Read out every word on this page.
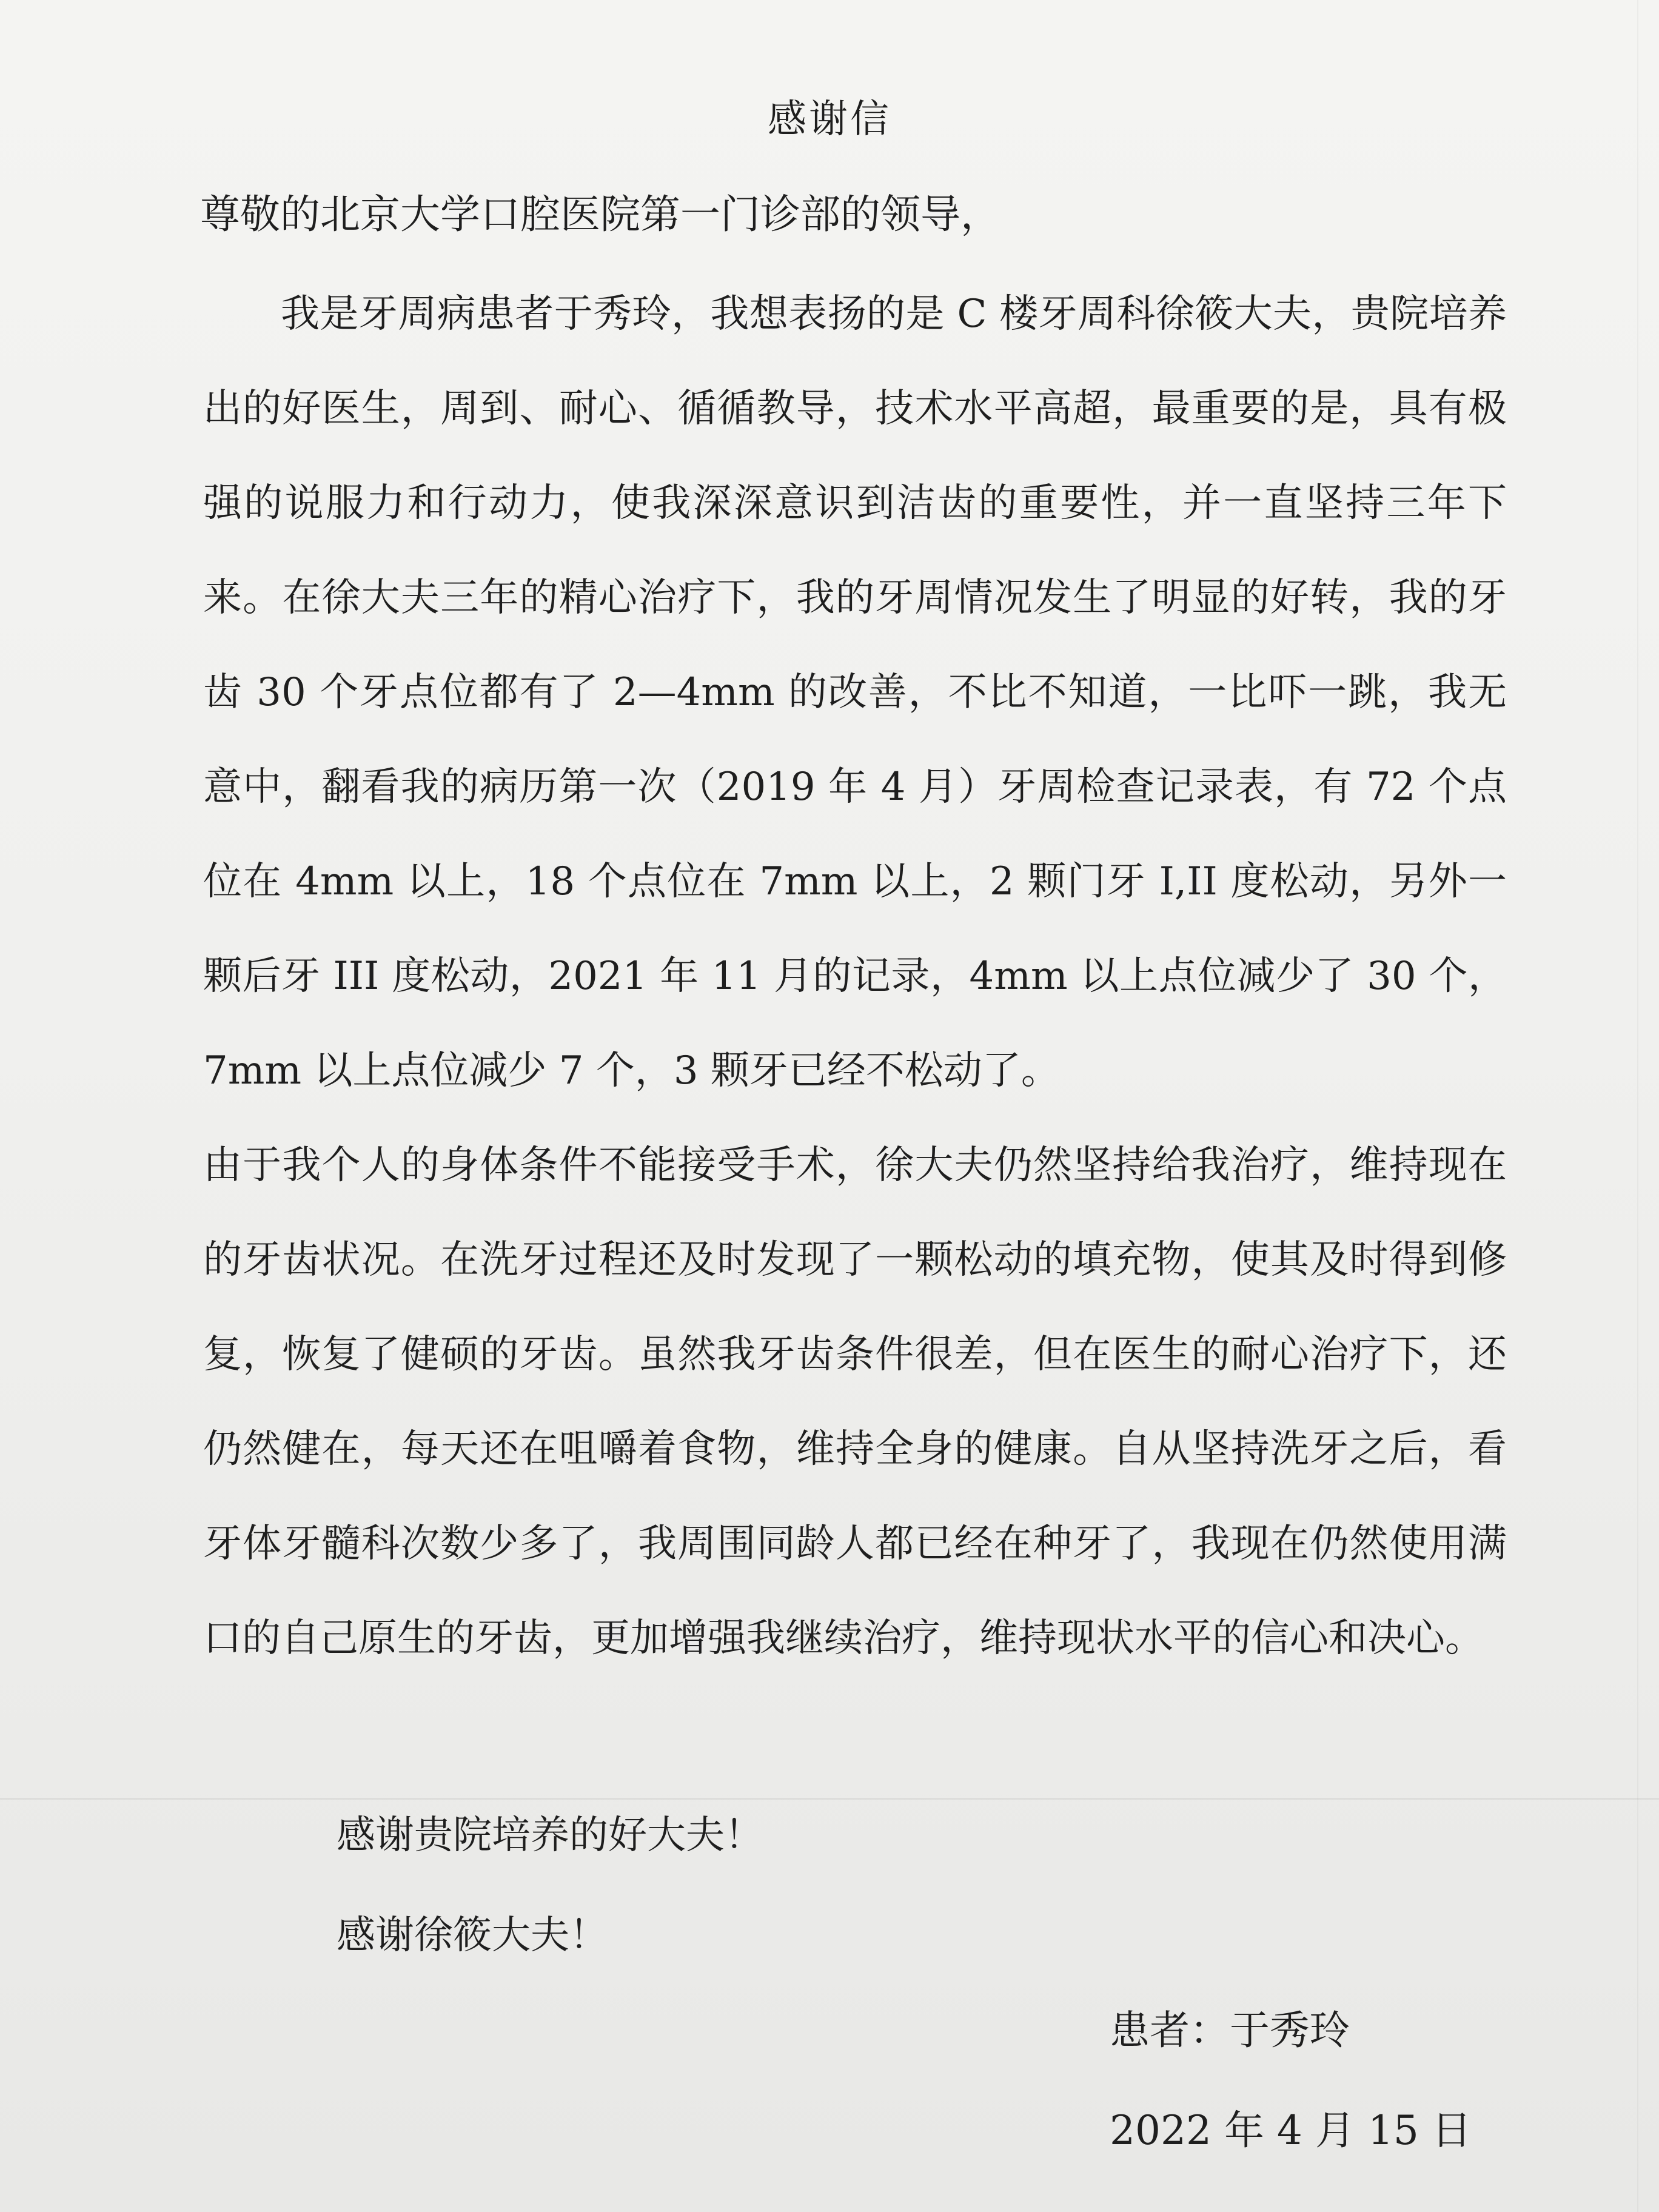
感谢信
尊敬的北京大学口腔医院第一门诊部的领导，

我是牙周病患者于秀玲，我想表扬的是 C 楼牙周科徐筱大夫，贵院培养出的好医生，周到、耐心、循循教导，技术水平高超，最重要的是，具有极强的说服力和行动力，使我深深意识到洁齿的重要性，并一直坚持三年下来。在徐大夫三年的精心治疗下，我的牙周情况发生了明显的好转，我的牙齿 30 个牙点位都有了 2—4mm 的改善，不比不知道，一比吓一跳，我无意中，翻看我的病历第一次（2019 年 4 月）牙周检查记录表，有 72 个点位在 4mm 以上，18 个点位在 7mm 以上，2 颗门牙 I,II 度松动，另外一颗后牙 III 度松动，2021 年 11 月的记录，4mm 以上点位减少了 30 个，7mm 以上点位减少 7 个，3 颗牙已经不松动了。

由于我个人的身体条件不能接受手术，徐大夫仍然坚持给我治疗，维持现在的牙齿状况。在洗牙过程还及时发现了一颗松动的填充物，使其及时得到修复，恢复了健硕的牙齿。虽然我牙齿条件很差，但在医生的耐心治疗下，还仍然健在，每天还在咀嚼着食物，维持全身的健康。自从坚持洗牙之后，看牙体牙髓科次数少多了，我周围同龄人都已经在种牙了，我现在仍然使用满口的自己原生的牙齿，更加增强我继续治疗，维持现状水平的信心和决心。

感谢贵院培养的好大夫！
感谢徐筱大夫！
患者：于秀玲
2022 年 4 月 15 日
